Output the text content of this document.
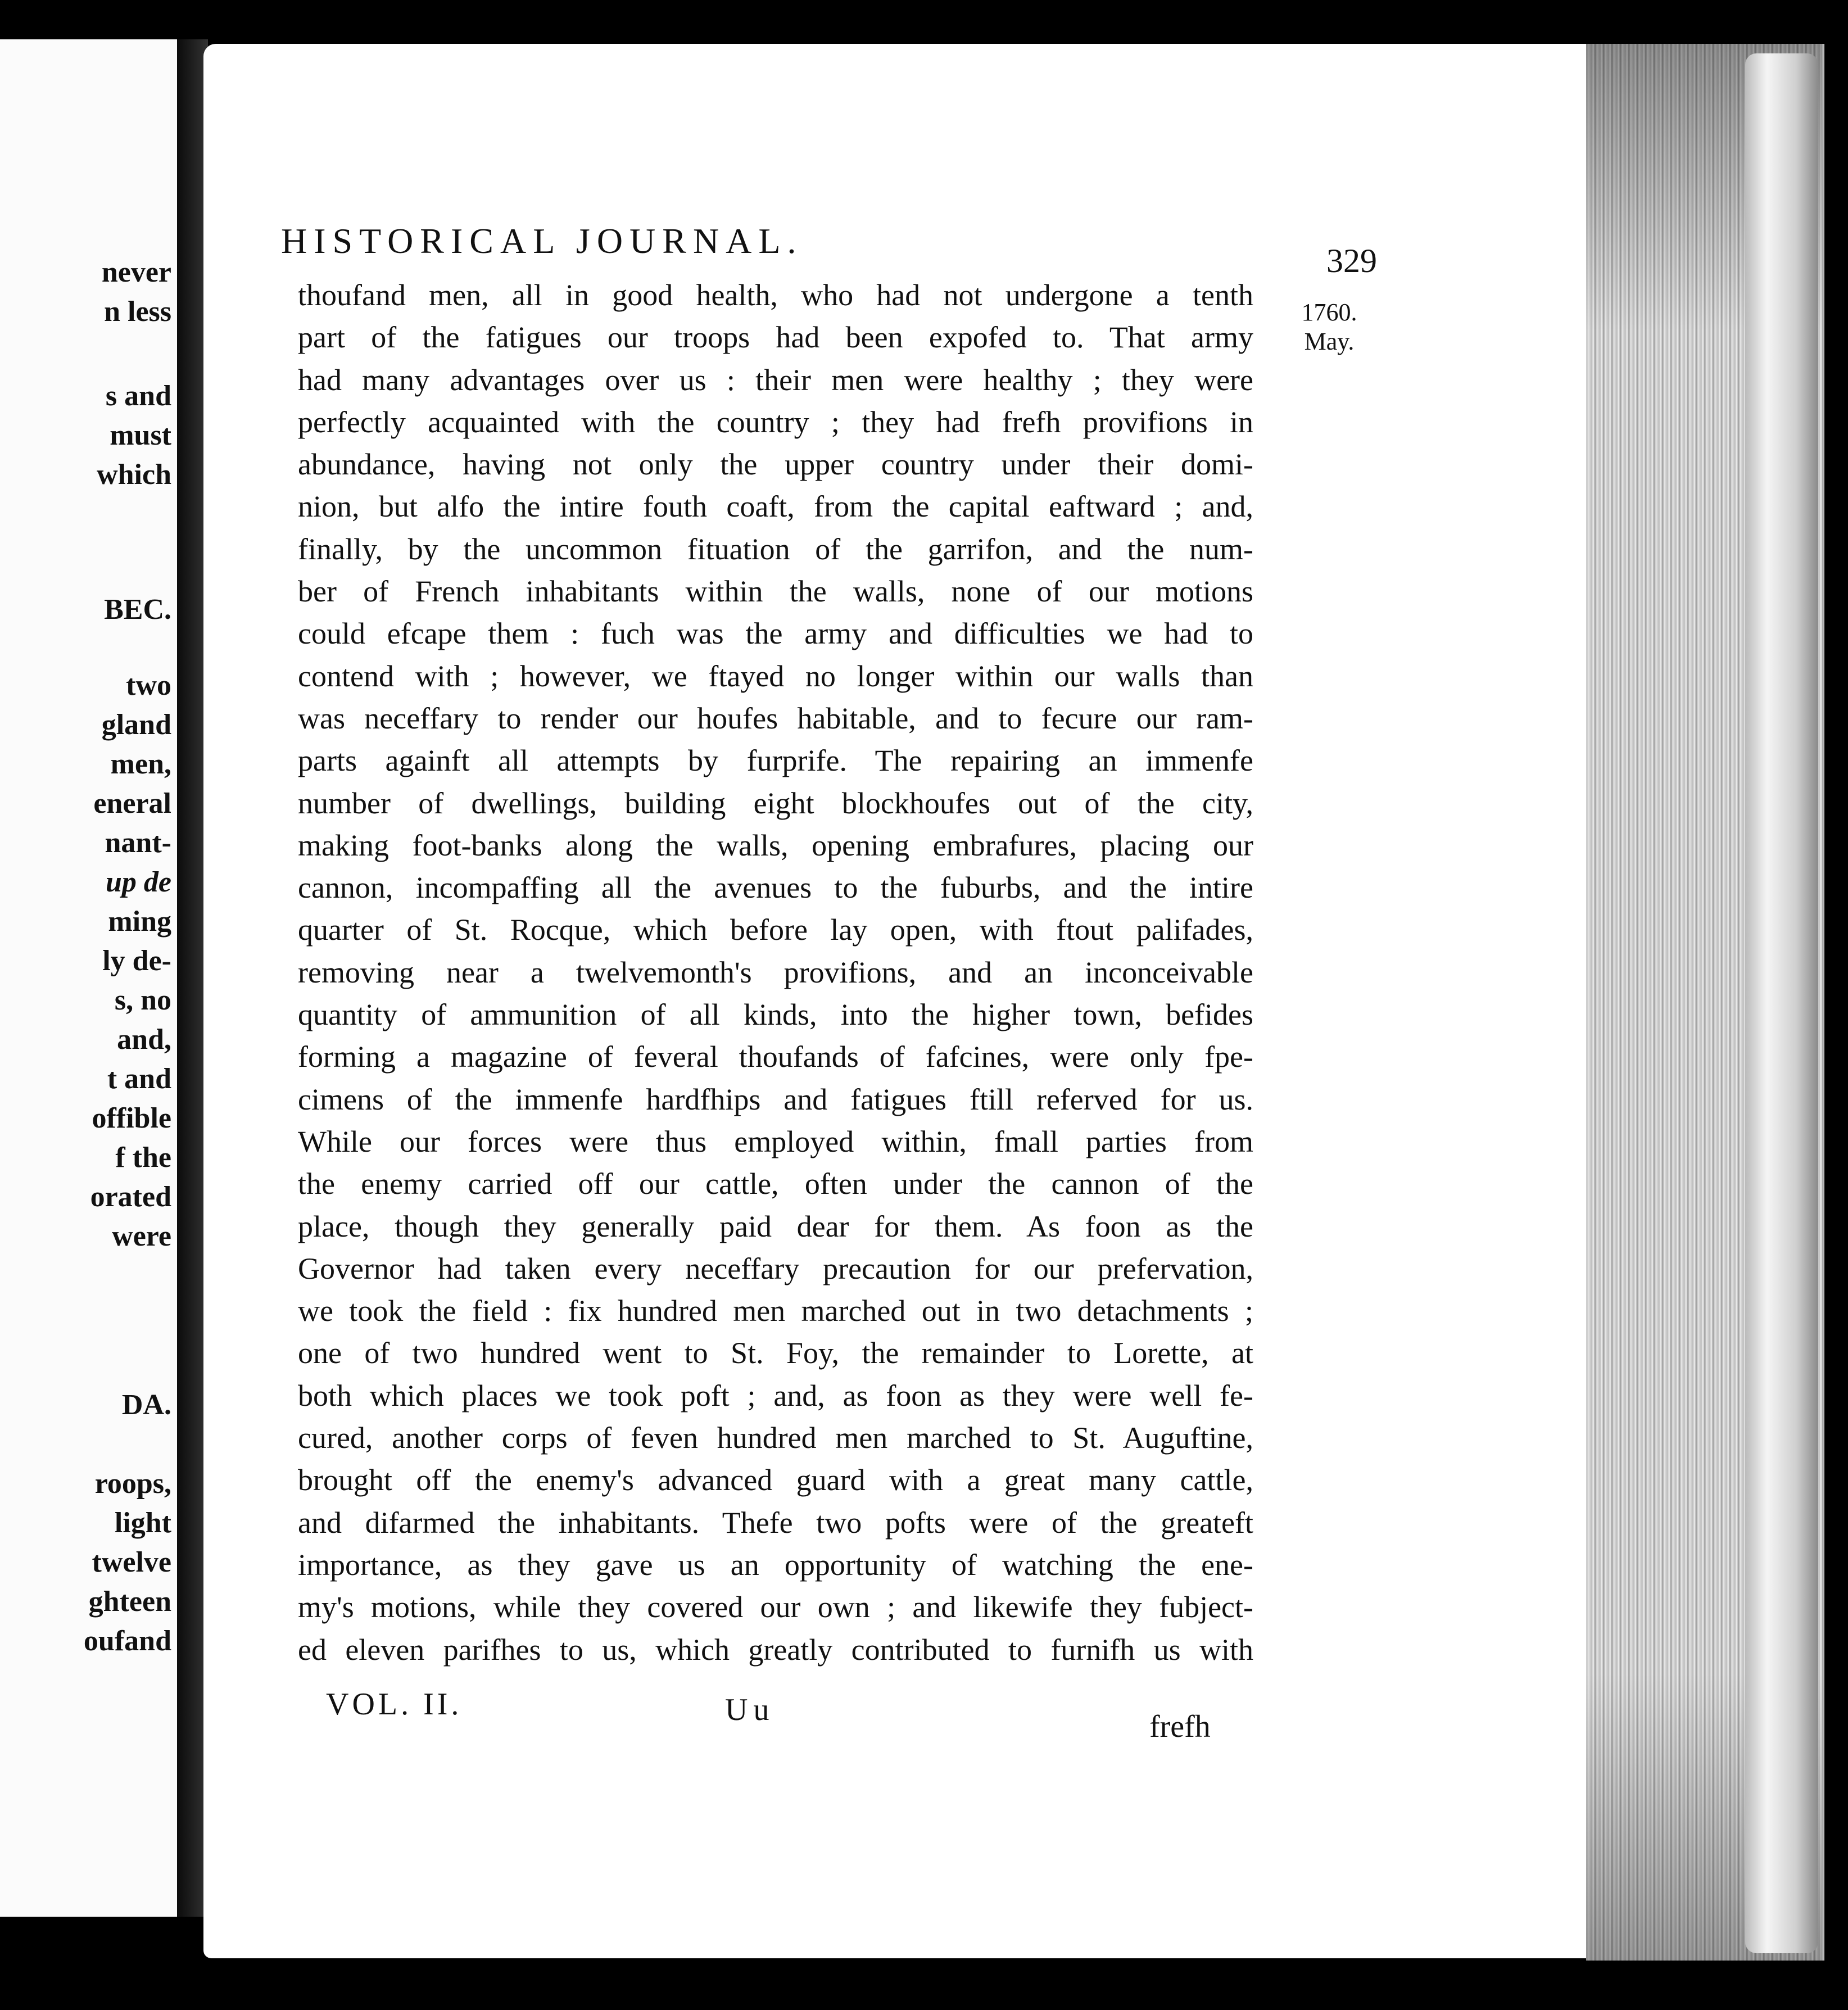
never
n less
s and
must
which
BEC.
two
gland
men,
eneral
nant-
up de
ming
ly de-
s, no
and,
t and
offible
f the
orated
were
DA.
roops,
light
twelve
ghteen
oufand
HISTORICAL JOURNAL.	329
1760.
May.
thoufand men, all in good health, who had not undergone a tenth
part of the fatigues our troops had been expofed to. That army
had many advantages over us : their men were healthy ; they were
perfectly acquainted with the country ; they had frefh provifions in
abundance, having not only the upper country under their domi-
nion, but alfo the intire fouth coaft, from the capital eaftward ; and,
finally, by the uncommon fituation of the garrifon, and the num-
ber of French inhabitants within the walls, none of our motions
could efcape them : fuch was the army and difficulties we had to
contend with ; however, we ftayed no longer within our walls than
was neceffary to render our houfes habitable, and to fecure our ram-
parts againft all attempts by furprife. The repairing an immenfe
number of dwellings, building eight blockhoufes out of the city,
making foot-banks along the walls, opening embrafures, placing our
cannon, incompaffing all the avenues to the fuburbs, and the intire
quarter of St. Rocque, which before lay open, with ftout palifades,
removing near a twelvemonth's provifions, and an inconceivable
quantity of ammunition of all kinds, into the higher town, befides
forming a magazine of feveral thoufands of fafcines, were only fpe-
cimens of the immenfe hardfhips and fatigues ftill referved for us.
While our forces were thus employed within, fmall parties from
the enemy carried off our cattle, often under the cannon of the
place, though they generally paid dear for them. As foon as the
Governor had taken every neceffary precaution for our prefervation,
we took the field : fix hundred men marched out in two detachments ;
one of two hundred went to St. Foy, the remainder to Lorette, at
both which places we took poft ; and, as foon as they were well fe-
cured, another corps of feven hundred men marched to St. Auguftine,
brought off the enemy's advanced guard with a great many cattle,
and difarmed the inhabitants. Thefe two pofts were of the greateft
importance, as they gave us an opportunity of watching the ene-
my's motions, while they covered our own ; and likewife they fubject-
ed eleven parifhes to us, which greatly contributed to furnifh us with
VOL. II.	Uu	frefh
